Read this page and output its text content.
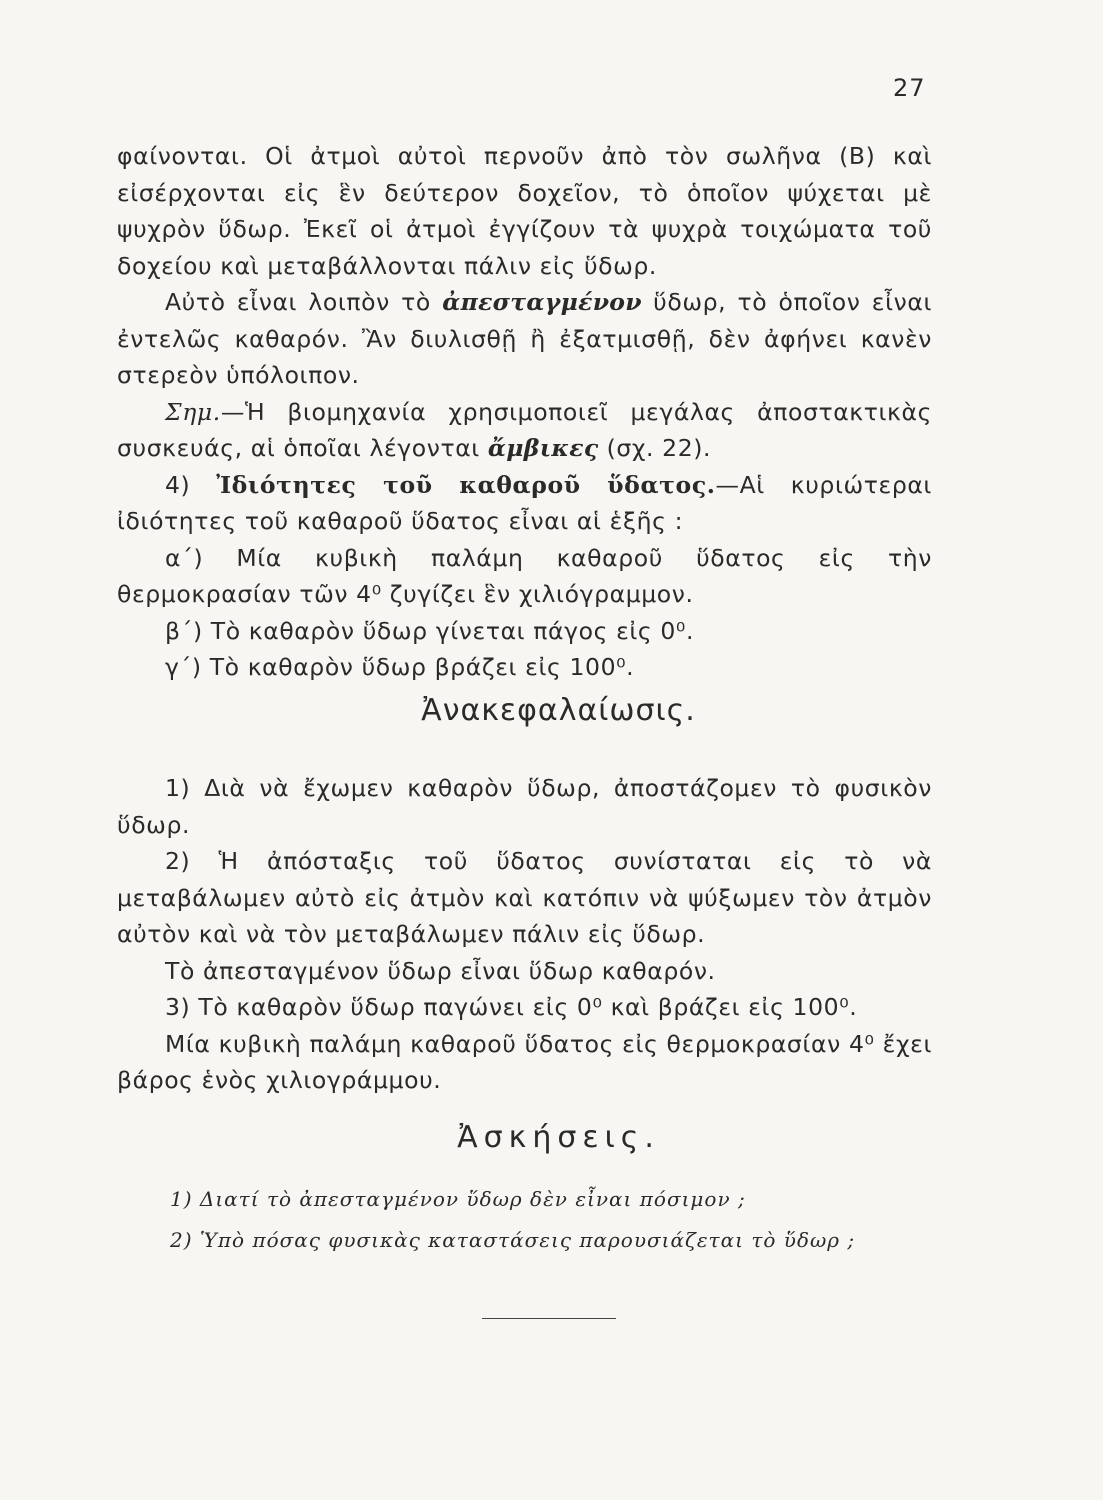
27

φαίνονται. Οἱ ἀτμοὶ αὐτοὶ περνοῦν ἀπὸ τὸν σωλῆνα (Β) καὶ εἰσέρχονται εἰς ἓν δεύτερον δοχεῖον, τὸ ὁποῖον ψύχεται μὲ ψυχρὸν ὕδωρ. Ἐκεῖ οἱ ἀτμοὶ ἐγγίζουν τὰ ψυχρὰ τοιχώματα τοῦ δοχείου καὶ μεταβάλλονται πάλιν εἰς ὕδωρ.

Αὐτὸ εἶναι λοιπὸν τὸ ἀπεσταγμένον ὕδωρ, τὸ ὁποῖον εἶναι ἐντελῶς καθαρόν. Ἂν διυλισθῇ ἢ ἐξατμισθῇ, δὲν ἀφήνει κανὲν στερεὸν ὑπόλοιπον.

Σημ.—Ἡ βιομηχανία χρησιμοποιεῖ μεγάλας ἀποστακτικὰς συσκευάς, αἱ ὁποῖαι λέγονται ἄμβικες (σχ. 22).

4) Ἰδιότητες τοῦ καθαροῦ ὕδατος.—Αἱ κυριώτεραι ἰδιότητες τοῦ καθαροῦ ὕδατος εἶναι αἱ ἑξῆς :

α΄) Μία κυβικὴ παλάμη καθαροῦ ὕδατος εἰς τὴν θερμοκρασίαν τῶν 4⁰ ζυγίζει ἓν χιλιόγραμμον.

β΄) Τὸ καθαρὸν ὕδωρ γίνεται πάγος εἰς 0⁰.

γ΄) Τὸ καθαρὸν ὕδωρ βράζει εἰς 100⁰.

Ἀνακεφαλαίωσις.

1) Διὰ νὰ ἔχωμεν καθαρὸν ὕδωρ, ἀποστάζομεν τὸ φυσικὸν ὕδωρ.

2) Ἡ ἀπόσταξις τοῦ ὕδατος συνίσταται εἰς τὸ νὰ μεταβάλωμεν αὐτὸ εἰς ἀτμὸν καὶ κατόπιν νὰ ψύξωμεν τὸν ἀτμὸν αὐτὸν καὶ νὰ τὸν μεταβάλωμεν πάλιν εἰς ὕδωρ.

Τὸ ἀπεσταγμένον ὕδωρ εἶναι ὕδωρ καθαρόν.

3) Τὸ καθαρὸν ὕδωρ παγώνει εἰς 0⁰ καὶ βράζει εἰς 100⁰.

Μία κυβικὴ παλάμη καθαροῦ ὕδατος εἰς θερμοκρασίαν 4⁰ ἔχει βάρος ἑνὸς χιλιογράμμου.

Ἀσκήσεις.
1) Διατί τὸ ἀπεσταγμένον ὕδωρ δὲν εἶναι πόσιμον ;
2) Ὑπὸ πόσας φυσικὰς καταστάσεις παρουσιάζεται τὸ ὕδωρ ;
